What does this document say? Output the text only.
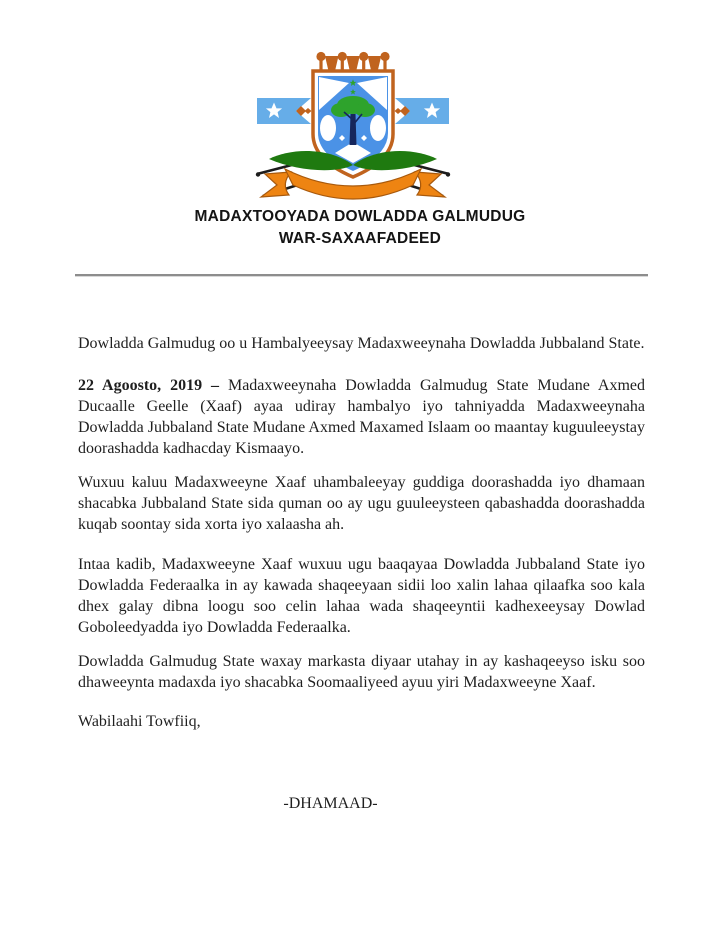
MADAXTOOYADA DOWLADDA GALMUDUG
WAR-SAXAAFADEED

Dowladda Galmudug oo u Hambalyeeysay Madaxweeynaha Dowladda Jubbaland State.

22 Agoosto, 2019 – Madaxweeynaha Dowladda Galmudug State Mudane Axmed Ducaalle Geelle (Xaaf) ayaa udiray hambalyo iyo tahniyadda Madaxweeynaha Dowladda Jubbaland State Mudane Axmed Maxamed Islaam oo maantay kuguuleeystay doorashadda kadhacday Kismaayo.

Wuxuu kaluu Madaxweeyne Xaaf uhambaleeyay guddiga doorashadda iyo dhamaan shacabka Jubbaland State sida quman oo ay ugu guuleeysteen qabashadda doorashadda kuqab soontay sida xorta iyo xalaasha ah.

Intaa kadib, Madaxweeyne Xaaf wuxuu ugu baaqayaa Dowladda Jubbaland State iyo Dowladda Federaalka in ay kawada shaqeeyaan sidii loo xalin lahaa qilaafka soo kala dhex galay dibna loogu soo celin lahaa wada shaqeeyntii kadhexeeysay Dowlad Goboleedyadda iyo Dowladda Federaalka.

Dowladda Galmudug State waxay markasta diyaar utahay in ay kashaqeeyso isku soo dhaweeynta madaxda iyo shacabka Soomaaliyeed ayuu yiri Madaxweeyne Xaaf.

Wabilaahi Towfiiq,

-DHAMAAD-
